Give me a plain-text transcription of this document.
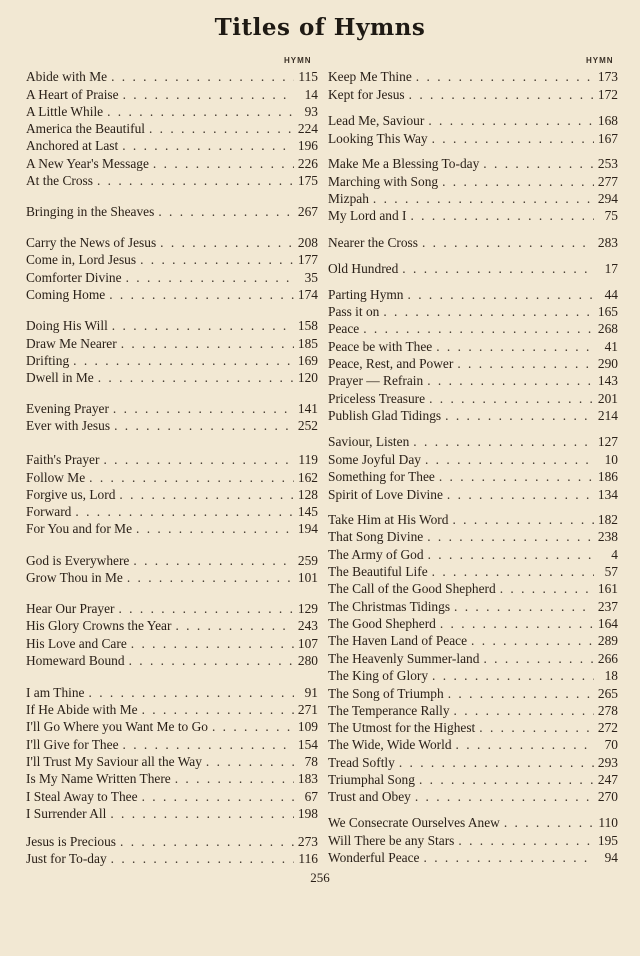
Titles of Hymns
HYMN	HYMN
Abide with Me . . .	115
A Heart of Praise . . .	14
A Little While . . .	93
America the Beautiful . . .	224
Anchored at Last . . .	196
A New Year's Message . . .	226
At the Cross . . .	175
Bringing in the Sheaves . . .	267
Carry the News of Jesus . . .	208
Come in, Lord Jesus . . .	177
Comforter Divine . . .	35
Coming Home . . .	174
Doing His Will . . .	158
Draw Me Nearer . . .	185
Drifting . . .	169
Dwell in Me . . .	120
Evening Prayer . . .	141
Ever with Jesus . . .	252
Faith's Prayer . . .	119
Follow Me . . .	162
Forgive us, Lord . . .	128
Forward . . .	145
For You and for Me . . .	194
God is Everywhere . . .	259
Grow Thou in Me . . .	101
Hear Our Prayer . . .	129
His Glory Crowns the Year . . .	243
His Love and Care . . .	107
Homeward Bound . . .	280
I am Thine . . .	91
If He Abide with Me . . .	271
I'll Go Where you Want Me to Go . . .	109
I'll Give for Thee . . .	154
I'll Trust My Saviour all the Way . . .	78
Is My Name Written There . . .	183
I Steal Away to Thee . . .	67
I Surrender All . . .	198
Jesus is Precious . . .	273
Just for To-day . . .	116
Keep Me Thine . . .	173
Kept for Jesus . . .	172
Lead Me, Saviour . . .	168
Looking This Way . . .	167
Make Me a Blessing To-day . . .	253
Marching with Song . . .	277
Mizpah . . .	294
My Lord and I . . .	75
Nearer the Cross . . .	283
Old Hundred . . .	17
Parting Hymn . . .	44
Pass it on . . .	165
Peace . . .	268
Peace be with Thee . . .	41
Peace, Rest, and Power . . .	290
Prayer — Refrain . . .	143
Priceless Treasure . . .	201
Publish Glad Tidings . . .	214
Saviour, Listen . . .	127
Some Joyful Day . . .	10
Something for Thee . . .	186
Spirit of Love Divine . . .	134
Take Him at His Word . . .	182
That Song Divine . . .	238
The Army of God . . .	4
The Beautiful Life . . .	57
The Call of the Good Shepherd . . .	161
The Christmas Tidings . . .	237
The Good Shepherd . . .	164
The Haven Land of Peace . . .	289
The Heavenly Summer-land . . .	266
The King of Glory . . .	18
The Song of Triumph . . .	265
The Temperance Rally . . .	278
The Utmost for the Highest . . .	272
The Wide, Wide World . . .	70
Tread Softly . . .	293
Triumphal Song . . .	247
Trust and Obey . . .	270
We Consecrate Ourselves Anew . . .	110
Will There be any Stars . . .	195
Wonderful Peace . . .	94
256
